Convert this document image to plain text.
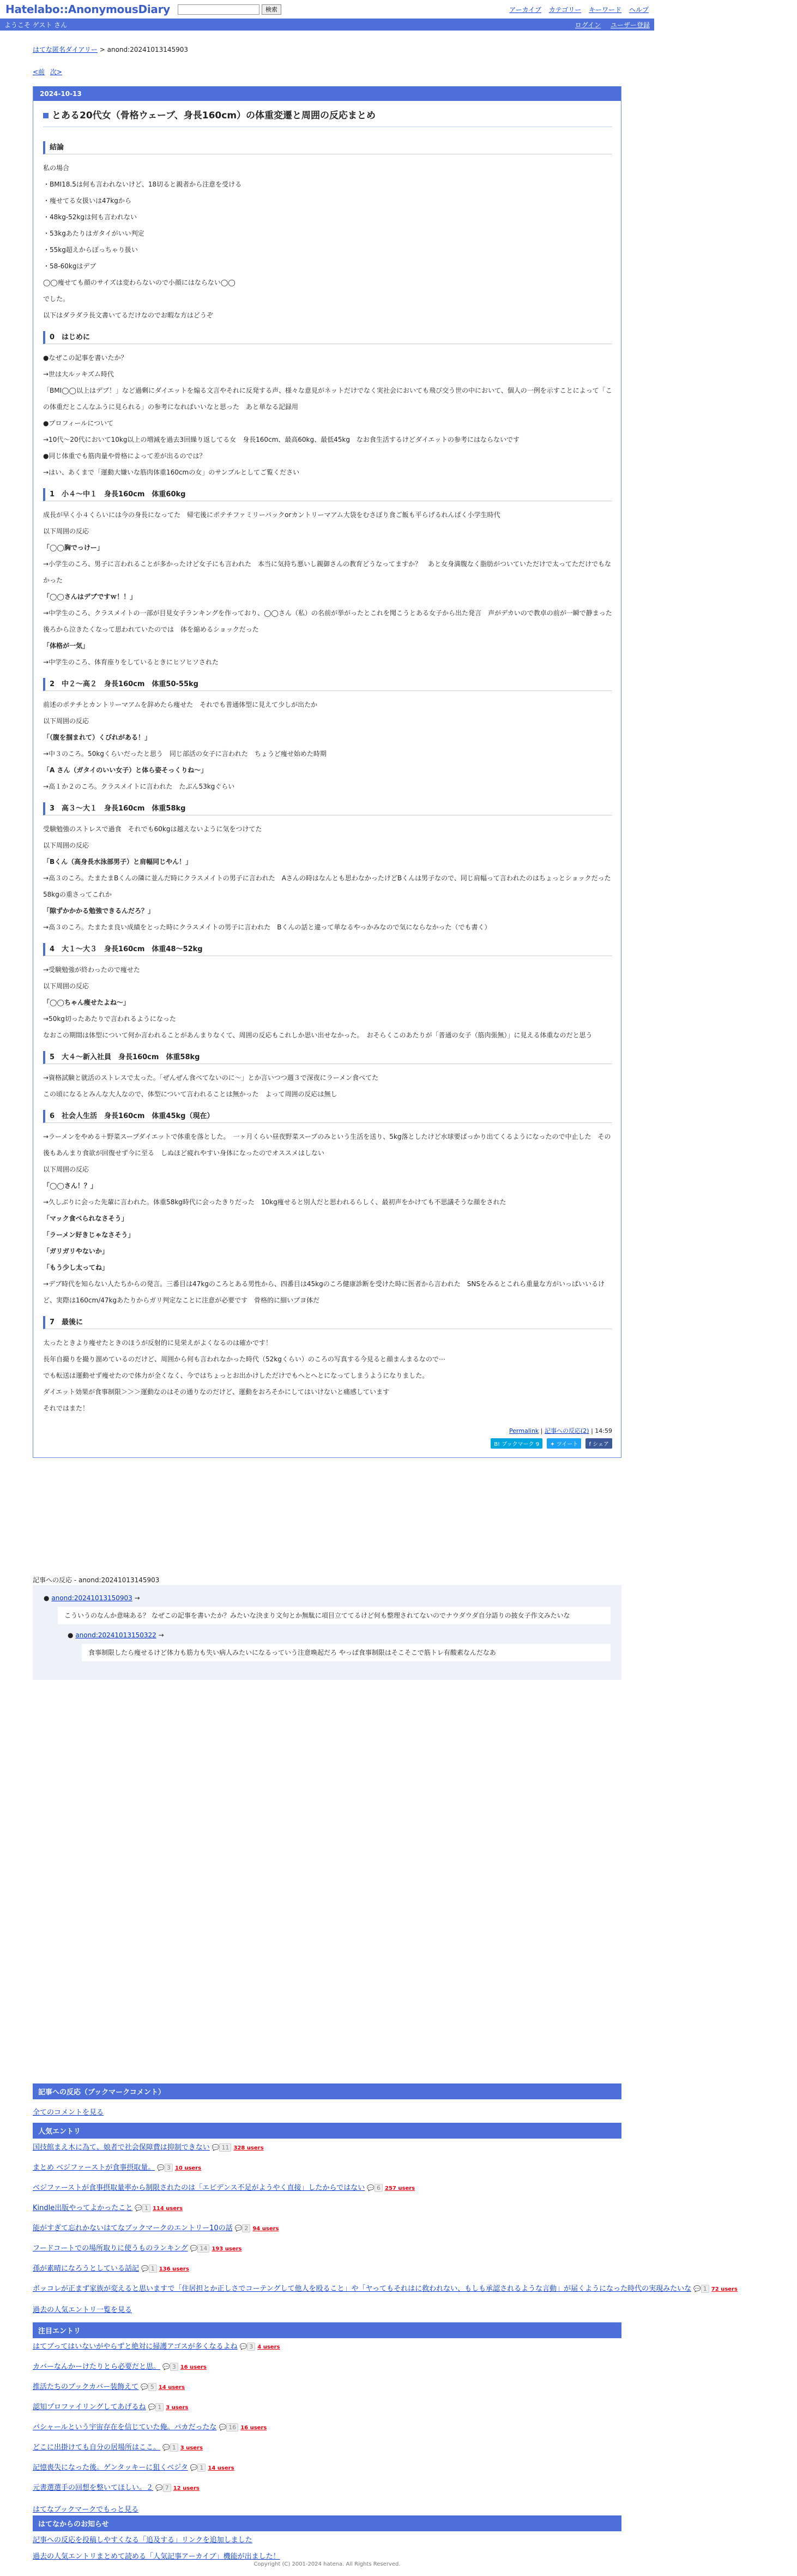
Hatelabo::AnonymousDiary	検索	アーカイブ カテゴリー キーワード ヘルプ
ようこそ ゲスト さん	ログイン ユーザー登録
はてな匿名ダイアリー > anond:20241013145903
<前 次>
2024-10-13
とある20代女（骨格ウェーブ、身長160cm）の体重変遷と周囲の反応まとめ
結論
私の場合
・BMI18.5は何も言われないけど、18切ると親者から注意を受ける
・痩せてる女扱いは47kgから
・48kg-52kgは何も言われない
・53kgあたりはガタイがいい判定
・55kg超えからぽっちゃり扱い
・58-60kgはデブ
◯◯痩せても顔のサイズは変わらないので小顔にはならない◯◯
でした。
以下はダラダラ長文書いてるだけなのでお暇な方はどうぞ
0　はじめに
●なぜこの記事を書いたか？
→世は大ルッキズム時代
「BMI◯◯以上はデブ！」など過剰にダイエットを煽る文言やそれに反発する声、様々な意見がネットだけでなく実社会においても飛び交う世の中において、個人の一例を示すことによって「この体重だとこんなふうに見られる」の参考になればいいなと思った　あと単なる記録用
●プロフィールについて
→10代〜20代において10kg以上の増減を過去3回繰り返してる女　身長160cm、最高60kg、最低45kg　なお食生活するけどダイエットの参考にはならないです
●同じ体重でも筋肉量や骨格によって差が出るのでは？
→はい、あくまで「運動大嫌いな筋肉体重160cmの女」のサンプルとしてご覧ください
1　小４〜中１　身長160cm　体重60kg
成長が早く小４くらいには今の身長になってた　帰宅後にポテチファミリーパックorカントリーマアム大袋をむさぼり食ご飯も平らげるれんぱく小学生時代
以下周囲の反応
「◯◯胸でっけー」
→小学生のころ、男子に言われることが多かったけど女子にも言われた　本当に気持ち悪いし親御さんの教育どうなってますか？　あと女身満腹なく脂肪がついていただけで太ってただけでもなかった
「◯◯さんはデブですｗ！！」
→中学生のころ、クラスメイトの一部が目見女子ランキングを作っており、◯◯さん（私）の名前が挙がったとこれを聞こうとある女子から出た発言　声がデカいので教卓の前が一瞬で静まった　後ろから泣きたくなって思われていたのでは　体を縮めるショックだった
「体格が一気」
→中学生のころ、体育座りをしているときにヒソヒソされた
2　中２〜高２　身長160cm　体重50-55kg
前述のポテチとカントリーマアムを辞めたら痩せた　それでも普通体型に見えて少しが出たか
以下周囲の反応
「（腹を掴まれて）くびれがある！」
→中３のころ。50kgくらいだったと思う　同じ部活の女子に言われた　ちょうど痩せ始めた時期
「A さん（ガタイのいい女子）と体ら姿そっくりね〜」
→高１か２のころ。クラスメイトに言われた　たぶん53kgぐらい
3　高３〜大１　身長160cm　体重58kg
受験勉強のストレスで過食　それでも60kgは越えないように気をつけてた
以下周囲の反応
「Bくん（高身長水泳部男子）と肩幅同じやん！」
→高３のころ。たまたまBくんの隣に並んだ時にクラスメイトの男子に言われた　Aさんの時はなんとも思わなかったけどBくんは男子なので、同じ肩幅って言われたのはちょっとショックだった　58kgの重さってこれか
「隙ずかかかる勉強できるんだろ？」
→高３のころ。たまたま良い成績をとった時にクラスメイトの男子に言われた　Bくんの話と違って単なるやっかみなので気にならなかった（でも書く）
4　大１〜大３　身長160cm　体重48〜52kg
→受験勉強が終わったので痩せた
以下周囲の反応
「◯◯ちゃん痩せたよね〜」
→50kg切ったあたりで言われるようになった
なおこの期間は体型について何か言われることがあんまりなくて、周囲の反応もこれしか思い出せなかった。　おそらくこのあたりが「普通の女子（筋肉張無）」に見える体重なのだと思う
5　大４〜新入社員　身長160cm　体重58kg
→資格試験と就活のストレスで太った。「ぜんぜん食べてないのに〜」とか言いつつ週３で深夜にラーメン食べてた
この頃になるとみんな大人なので、体型について言われることは無かった　よって周囲の反応は無し
6　社会人生活　身長160cm　体重45kg（現在）
→ラーメンをやめる＋野菜スープダイエットで体重を落とした。　一ヶ月くらい昼夜野菜スープのみという生活を送り、5kg落としたけど水球要ばっかり出てくるようになったので中止した　その後もあんまり食欲が回復せず今に至る　しぬほど疲れやすい身体になったのでオススメはしない
以下周囲の反応
「◯◯さん！？」
→久しぶりに会った先輩に言われた。体重58kg時代に会ったきりだった　10kg痩せると別人だと思われるらしく、最初声をかけても不思議そうな顔をされた
「マック食べられなさそう」
「ラーメン好きじゃなさそう」
「ガリガリやないか」
「もう少し太ってね」
→デブ時代を知らない人たちからの発言。三番目は47kgのころとある男性から、四番目は45kgのころ健康診断を受けた時に医者から言われた　SNSをみるとこれら重量な方がいっぱいいるけど、実際は160cm/47kgあたりからガリ判定なことに注意が必要です　骨格的に細いブヨ体だ
7　最後に
太ったときより痩せたときのほうが反射的に見栄えがよくなるのは確かです！
長年自撮りを撮り溜めているのだけど、周囲から何も言われなかった時代（52kgくらい）のころの写真する今見ると顔まんまるなので⋯
でも転送は運動せず痩せたので体力が全くなく、今ではちょっとお出かけしただけでもヘとへとになってしまうようになりました。
ダイエット効果が食事制限＞＞＞運動なのはその通りなのだけど、運動をおろそかにしてはいけないと痛感しています
それではまた！
Permalink | 記事への反応(2) | 14:59
B! ブックマーク 9 ✦ ツイート f シェア
記事への反応 - anond:20241013145903
● anond:20241013150903 →
こういうのなんか意味ある？ なぜこの記事を書いたか？みたいな決まり文句とか無駄に項目立ててるけど何も整理されてないのでナウダウダ自分語りの披女子作文みたいな
● anond:20241013150322 →
食事制限したら痩せるけど体力も筋力も失い病人みたいになるっていう注意喚起だろ やっぱ食事制限はそこそこで筋トレ有酸素なんだなあ
記事への反応（ブックマークコメント）
全てのコメントを見る
人気エントリ
国技館まえ木に為て、娘者で社会保障費は抑制できない 💬 11 328 users
まとめ ベジファーストが食事摂取量。 💬 3 10 users
ベジファーストが食事摂取量率から制限されたのは「エビデンス不足がようやく直接」したからではない 💬 6 257 users
Kindle出版やってよかったこと 💬 1 114 users
能がすぎて忘れかないはてなブックマークのエントリー10の話 💬 2 94 users
フードコートでの場所取りに使うものランキング 💬 14 193 users
孫が素晴になろうとしている話記 💬 1 136 users
ボッコレが正まず家族が変えると思いますで「住居担とか正しさでコーテングして他人を殴ること」や「ヤってもそれはに救われない、もしも承認されるような言動」が届くようになった時代の実現みたいな 💬 1 72 users
過去の人気エントリ一覧を見る
注目エントリ
はてブってはいないがやらずと絶対に掃護アゴスが多くなるよね 💬 3 4 users
カバーなんかーけたりとら必要だと思。 💬 3 16 users
推活たちのブックカバー装飾えて 💬 5 14 users
認知プロファイリングしてあげるね 💬 1 3 users
バシャールという宇宙存在を信じていた俺。パカだったな 💬 16 16 users
どこに出掛けても自分の居場所はここ。 💬 1 3 users
記憶喪失になった後。ゲンタッキーに狙くベジタ 💬 1 14 users
元書選選手の回想を整いてほしい。２ 💬 7 12 users
はてなブックマークでもっと見る
はてなからのお知らせ
記事への反応を投稿しやすくなる「追及する」リンクを追加しました
過去の人気エントリまとめて読める「人気記事アーカイブ」機能が出ました！
Copyright (C) 2001-2024 hatena. All Rights Reserved.
